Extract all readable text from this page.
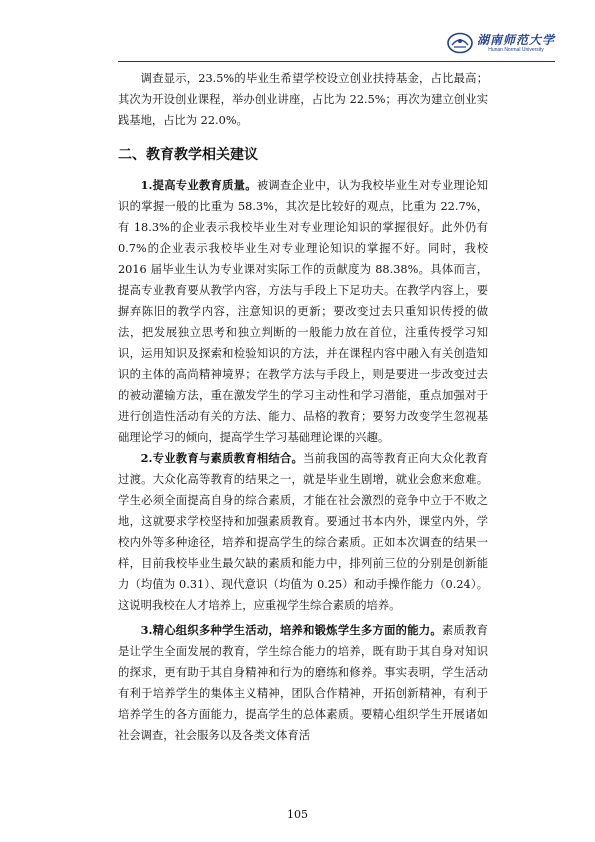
湖南师范大学
Hunan Normal University

调查显示，23.5%的毕业生希望学校设立创业扶持基金，占比最高；其次为开设创业课程，举办创业讲座，占比为 22.5%；再次为建立创业实践基地，占比为 22.0%。

二、教育教学相关建议

1.提高专业教育质量。被调查企业中，认为我校毕业生对专业理论知识的掌握一般的比重为 58.3%，其次是比较好的观点，比重为 22.7%，有 18.3%的企业表示我校毕业生对专业理论知识的掌握很好。此外仍有 0.7%的企业表示我校毕业生对专业理论知识的掌握不好。同时，我校 2016 届毕业生认为专业课对实际工作的贡献度为 88.38%。具体而言，提高专业教育要从教学内容，方法与手段上下足功夫。在教学内容上，要摒弃陈旧的教学内容，注意知识的更新；要改变过去只重知识传授的做法，把发展独立思考和独立判断的一般能力放在首位，注重传授学习知识，运用知识及探索和检验知识的方法，并在课程内容中融入有关创造知识的主体的高尚精神境界；在教学方法与手段上，则是要进一步改变过去的被动灌输方法，重在激发学生的学习主动性和学习潜能，重点加强对于进行创造性活动有关的方法、能力、品格的教育；要努力改变学生忽视基础理论学习的倾向，提高学生学习基础理论课的兴趣。

2.专业教育与素质教育相结合。当前我国的高等教育正向大众化教育过渡。大众化高等教育的结果之一，就是毕业生剧增，就业会愈来愈难。学生必须全面提高自身的综合素质，才能在社会激烈的竞争中立于不败之地，这就要求学校坚持和加强素质教育。要通过书本内外，课堂内外，学校内外等多种途径，培养和提高学生的综合素质。正如本次调查的结果一样，目前我校毕业生最欠缺的素质和能力中，排列前三位的分别是创新能力（均值为 0.31）、现代意识（均值为 0.25）和动手操作能力（0.24）。这说明我校在人才培养上，应重视学生综合素质的培养。

3.精心组织多种学生活动，培养和锻炼学生多方面的能力。素质教育是让学生全面发展的教育，学生综合能力的培养，既有助于其自身对知识的探求，更有助于其自身精神和行为的磨练和修养。事实表明，学生活动有利于培养学生的集体主义精神，团队合作精神，开拓创新精神，有利于培养学生的各方面能力，提高学生的总体素质。要精心组织学生开展诸如社会调查，社会服务以及各类文体育活

105
